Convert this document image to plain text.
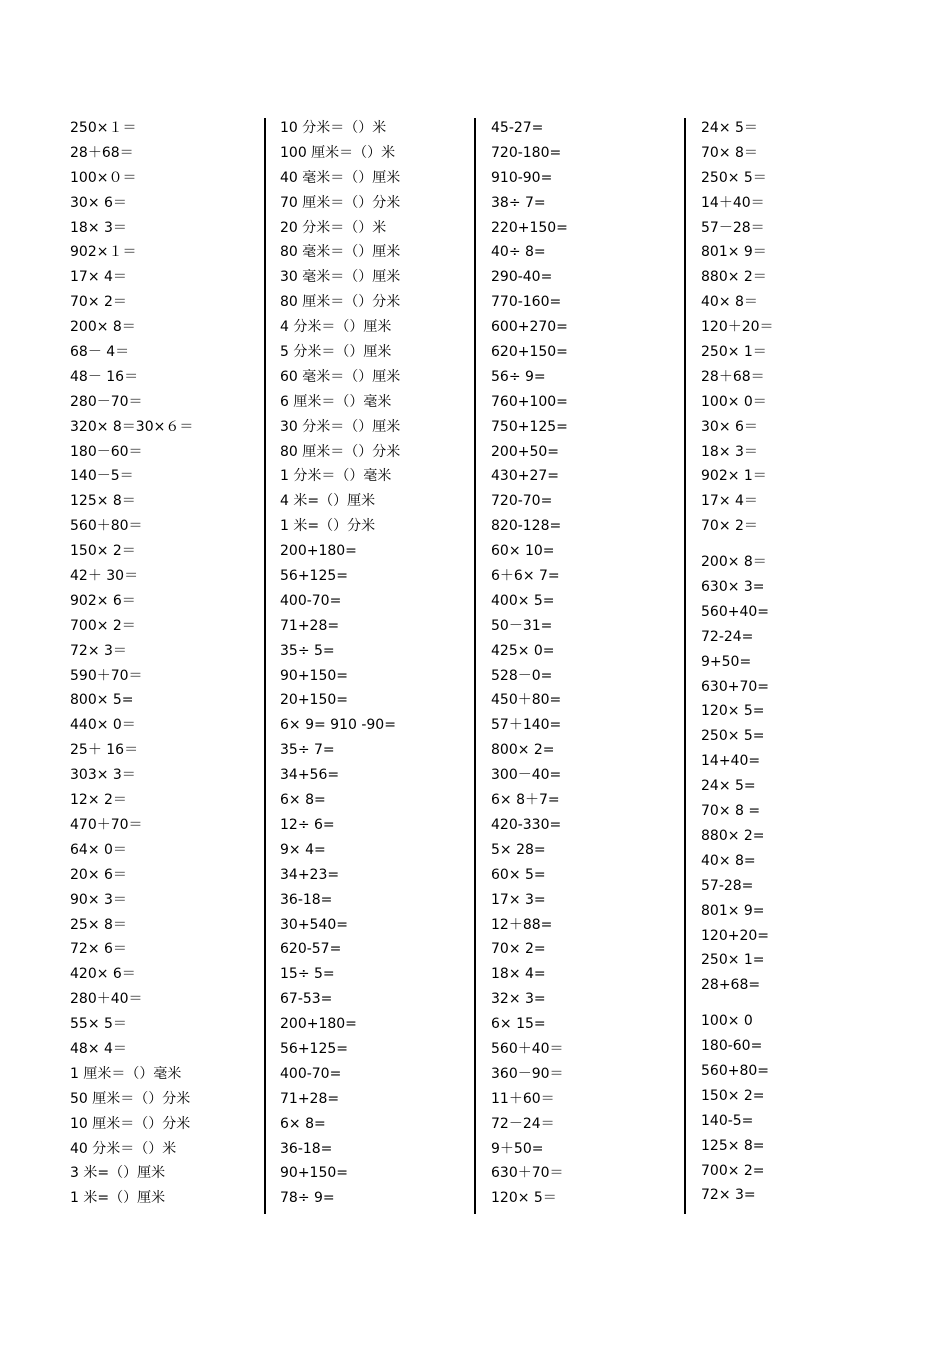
250×１＝
28＋68＝
100×０＝
30× 6＝
18× 3＝
902×１＝
17× 4＝
70× 2＝
200× 8＝
68－ 4＝
48－ 16＝
280－70＝
320× 8＝30×６＝
180－60＝
140－5＝
125× 8＝
560＋80＝
150× 2＝
42＋ 30＝
902× 6＝
700× 2＝
72× 3＝
590＋70＝
800× 5=
440× 0＝
25＋ 16＝
303× 3＝
12× 2＝
470＋70＝
64× 0＝
20× 6＝
90× 3＝
25× 8＝
72× 6＝
420× 6＝
280＋40＝
55× 5＝
48× 4＝
1 厘米＝（）毫米
50 厘米＝（）分米
10 厘米＝（）分米
40 分米＝（）米
3 米=（）厘米
1 米=（）厘米
10 分米＝（）米
100 厘米＝（）米
40 毫米＝（）厘米
70 厘米＝（）分米
20 分米＝（）米
80 毫米＝（）厘米
30 毫米＝（）厘米
80 厘米＝（）分米
4 分米＝（）厘米
5 分米＝（）厘米
60 毫米＝（）厘米
6 厘米＝（）毫米
30 分米＝（）厘米
80 厘米＝（）分米
1 分米＝（）毫米
4 米=（）厘米
1 米=（）分米
200+180=
56+125=
400-70=
71+28=
35÷ 5=
90+150=
20+150=
6× 9= 910 -90=
35÷ 7=
34+56=
6× 8=
12÷ 6=
9× 4=
34+23=
36-18=
30+540=
620-57=
15÷ 5=
67-53=
200+180=
56+125=
400-70=
71+28=
6× 8=
36-18=
90+150=
78÷ 9=
45-27=
720-180=
910-90=
38÷ 7=
220+150=
40÷ 8=
290-40=
770-160=
600+270=
620+150=
56÷ 9=
760+100=
750+125=
200+50=
430+27=
720-70=
820-128=
60× 10=
6＋6× 7=
400× 5=
50－31=
425× 0=
528－0=
450＋80=
57＋140=
800× 2=
300－40=
6× 8＋7=
420-330=
5× 28=
60× 5=
17× 3=
12＋88=
70× 2=
18× 4=
32× 3=
6× 15=
560＋40＝
360－90＝
11＋60＝
72－24＝
9＋50=
630＋70＝
120× 5＝
24× 5＝
70× 8＝
250× 5＝
14＋40＝
57－28＝
801× 9＝
880× 2＝
40× 8＝
120＋20＝
250× 1＝
28＋68＝
100× 0＝
30× 6＝
18× 3＝
902× 1＝
17× 4＝
70× 2＝
200× 8＝
630× 3=
560+40=
72-24=
9+50=
630+70=
120× 5=
250× 5=
14+40=
24× 5=
70× 8 =
880× 2=
40× 8=
57-28=
801× 9=
120+20=
250× 1=
28+68=
100× 0
180-60=
560+80=
150× 2=
140-5=
125× 8=
700× 2=
72× 3=
